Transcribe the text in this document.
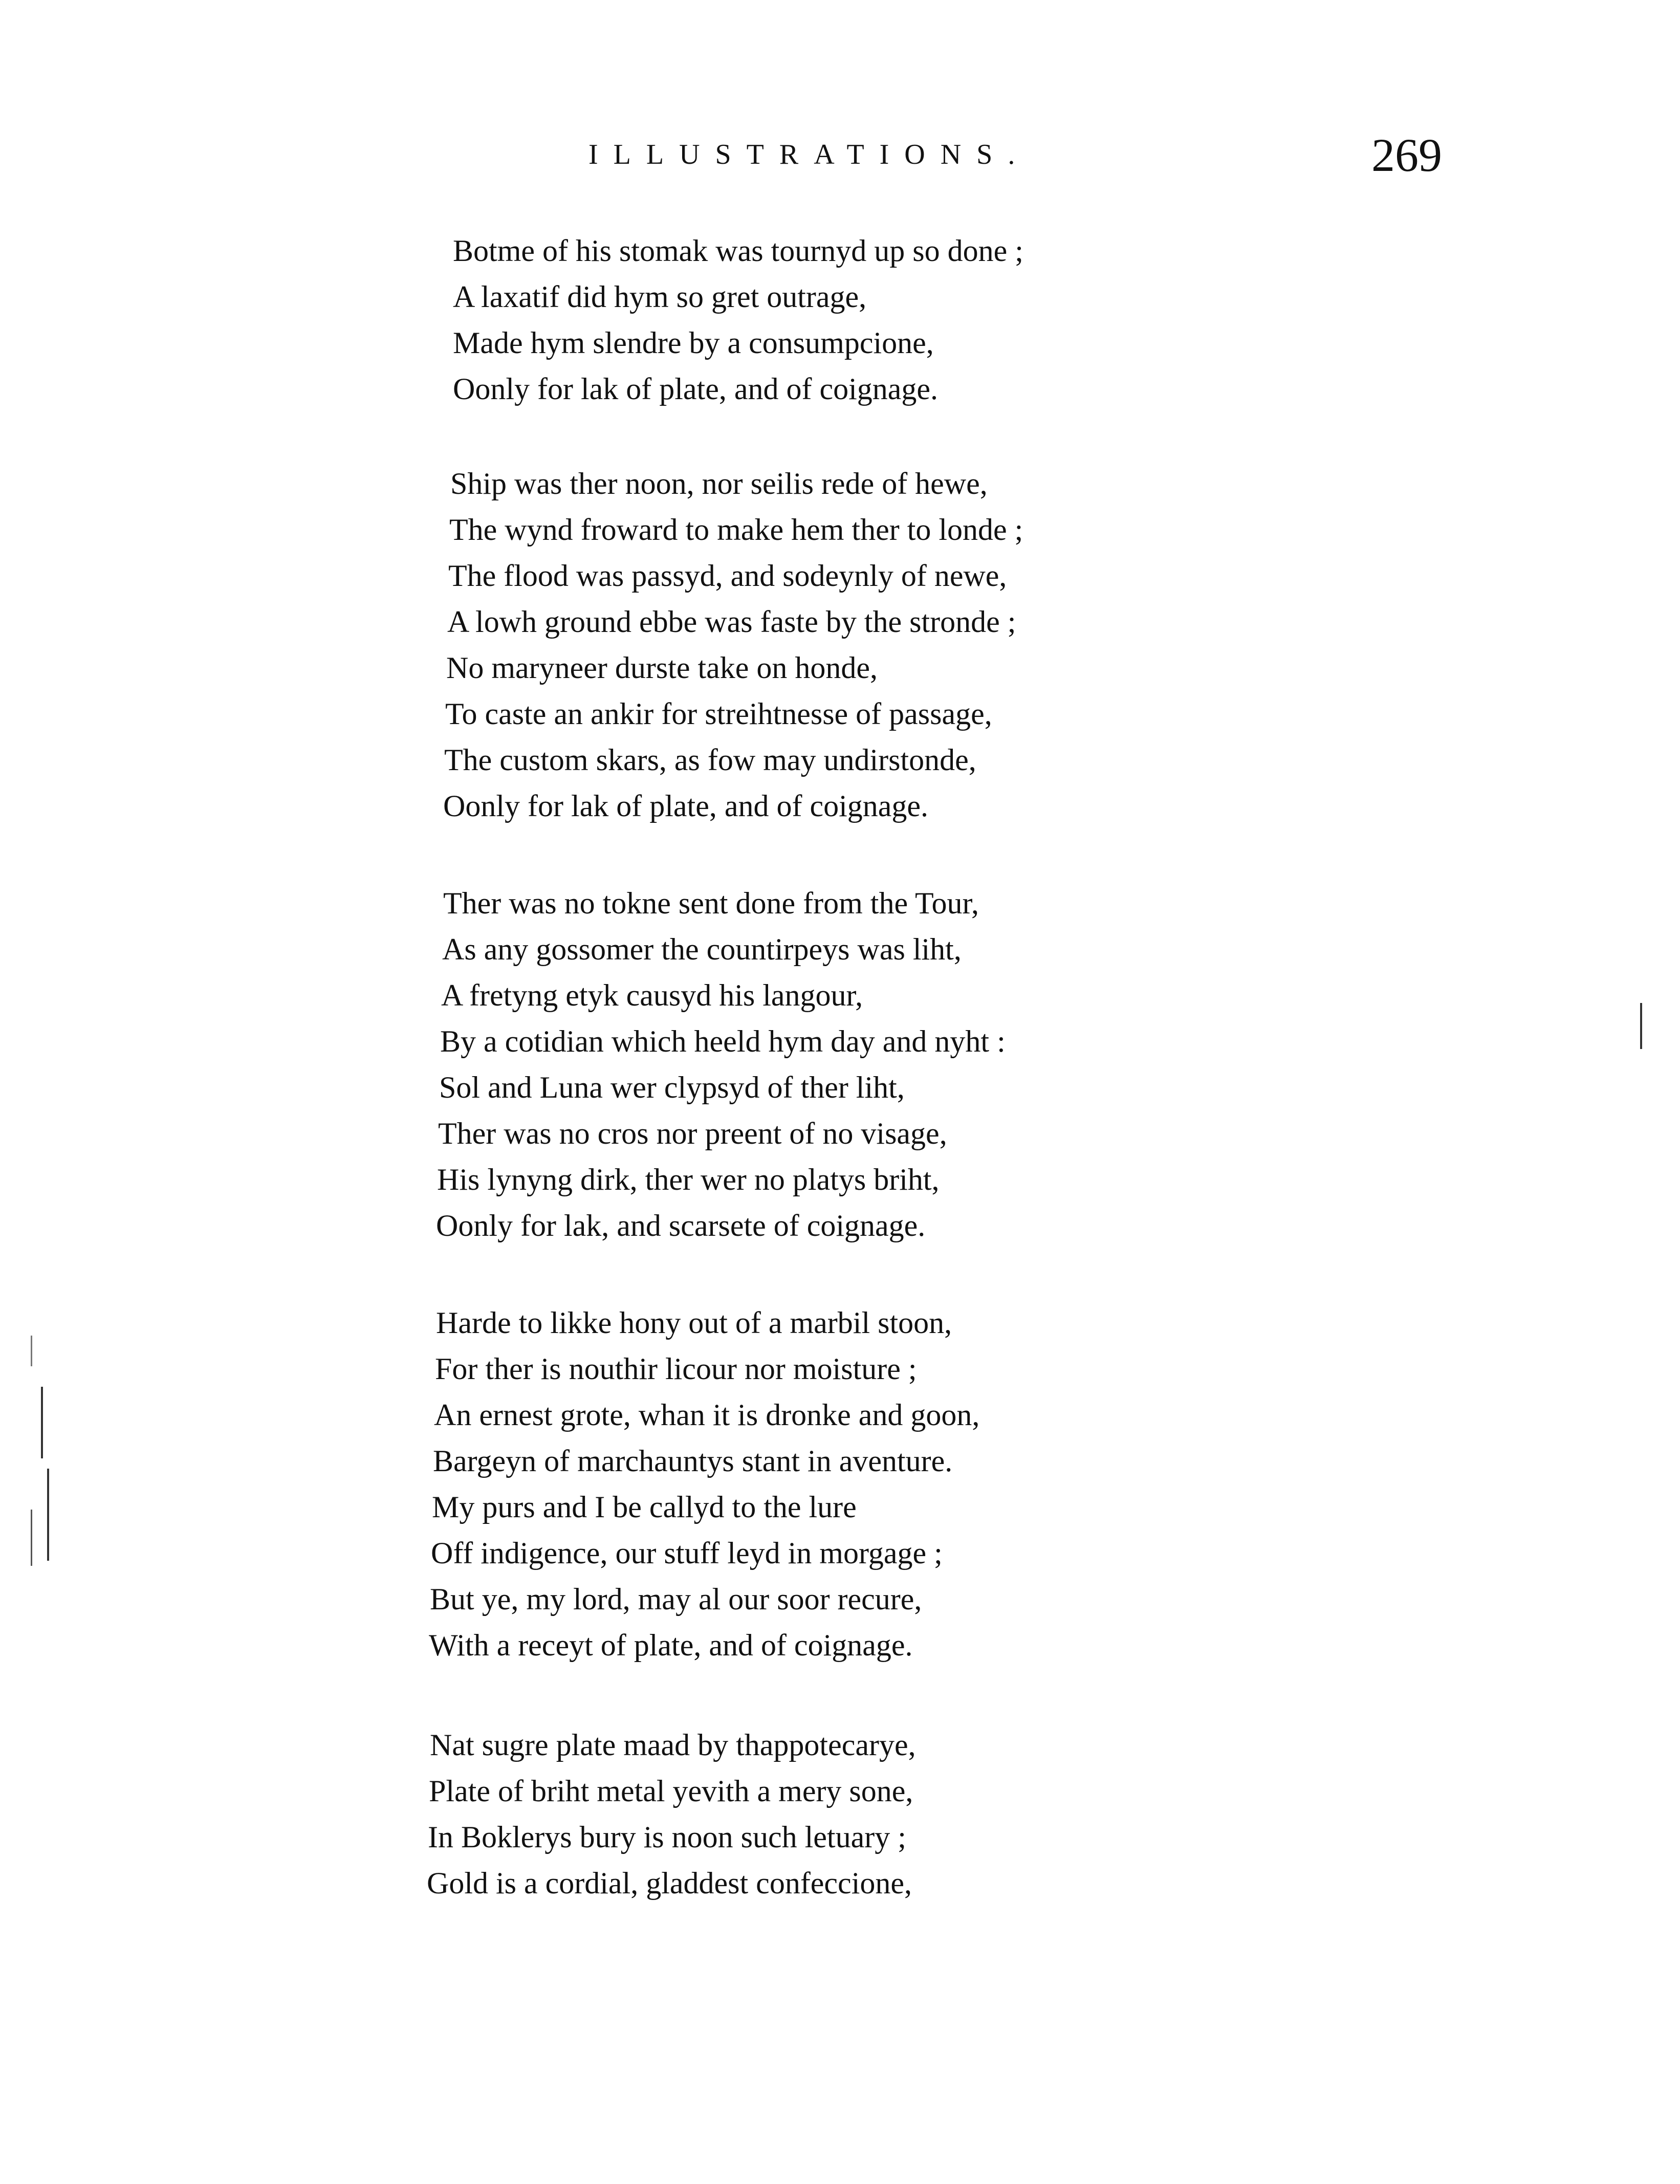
ILLUSTRATIONS.	269
Botme of his stomak was tournyd up so done ;
A laxatif did hym so gret outrage,
Made hym slendre by a consumpcione,
Oonly for lak of plate, and of coignage.
Ship was ther noon, nor seilis rede of hewe,
The wynd froward to make hem ther to londe ;
The flood was passyd, and sodeynly of newe,
A lowh ground ebbe was faste by the stronde ;
No maryneer durste take on honde,
To caste an ankir for streihtnesse of passage,
The custom skars, as fow may undirstonde,
Oonly for lak of plate, and of coignage.
Ther was no tokne sent done from the Tour,
As any gossomer the countirpeys was liht,
A fretyng etyk causyd his langour,
By a cotidian which heeld hym day and nyht :
Sol and Luna wer clypsyd of ther liht,
Ther was no cros nor preent of no visage,
His lynyng dirk, ther wer no platys briht,
Oonly for lak, and scarsete of coignage.
Harde to likke hony out of a marbil stoon,
For ther is nouthir licour nor moisture ;
An ernest grote, whan it is dronke and goon,
Bargeyn of marchauntys stant in aventure.
My purs and I be callyd to the lure
Off indigence, our stuff leyd in morgage ;
But ye, my lord, may al our soor recure,
With a receyt of plate, and of coignage.
Nat sugre plate maad by thappotecarye,
Plate of briht metal yevith a mery sone,
In Boklerys bury is noon such letuary ;
Gold is a cordial, gladdest confeccione,
